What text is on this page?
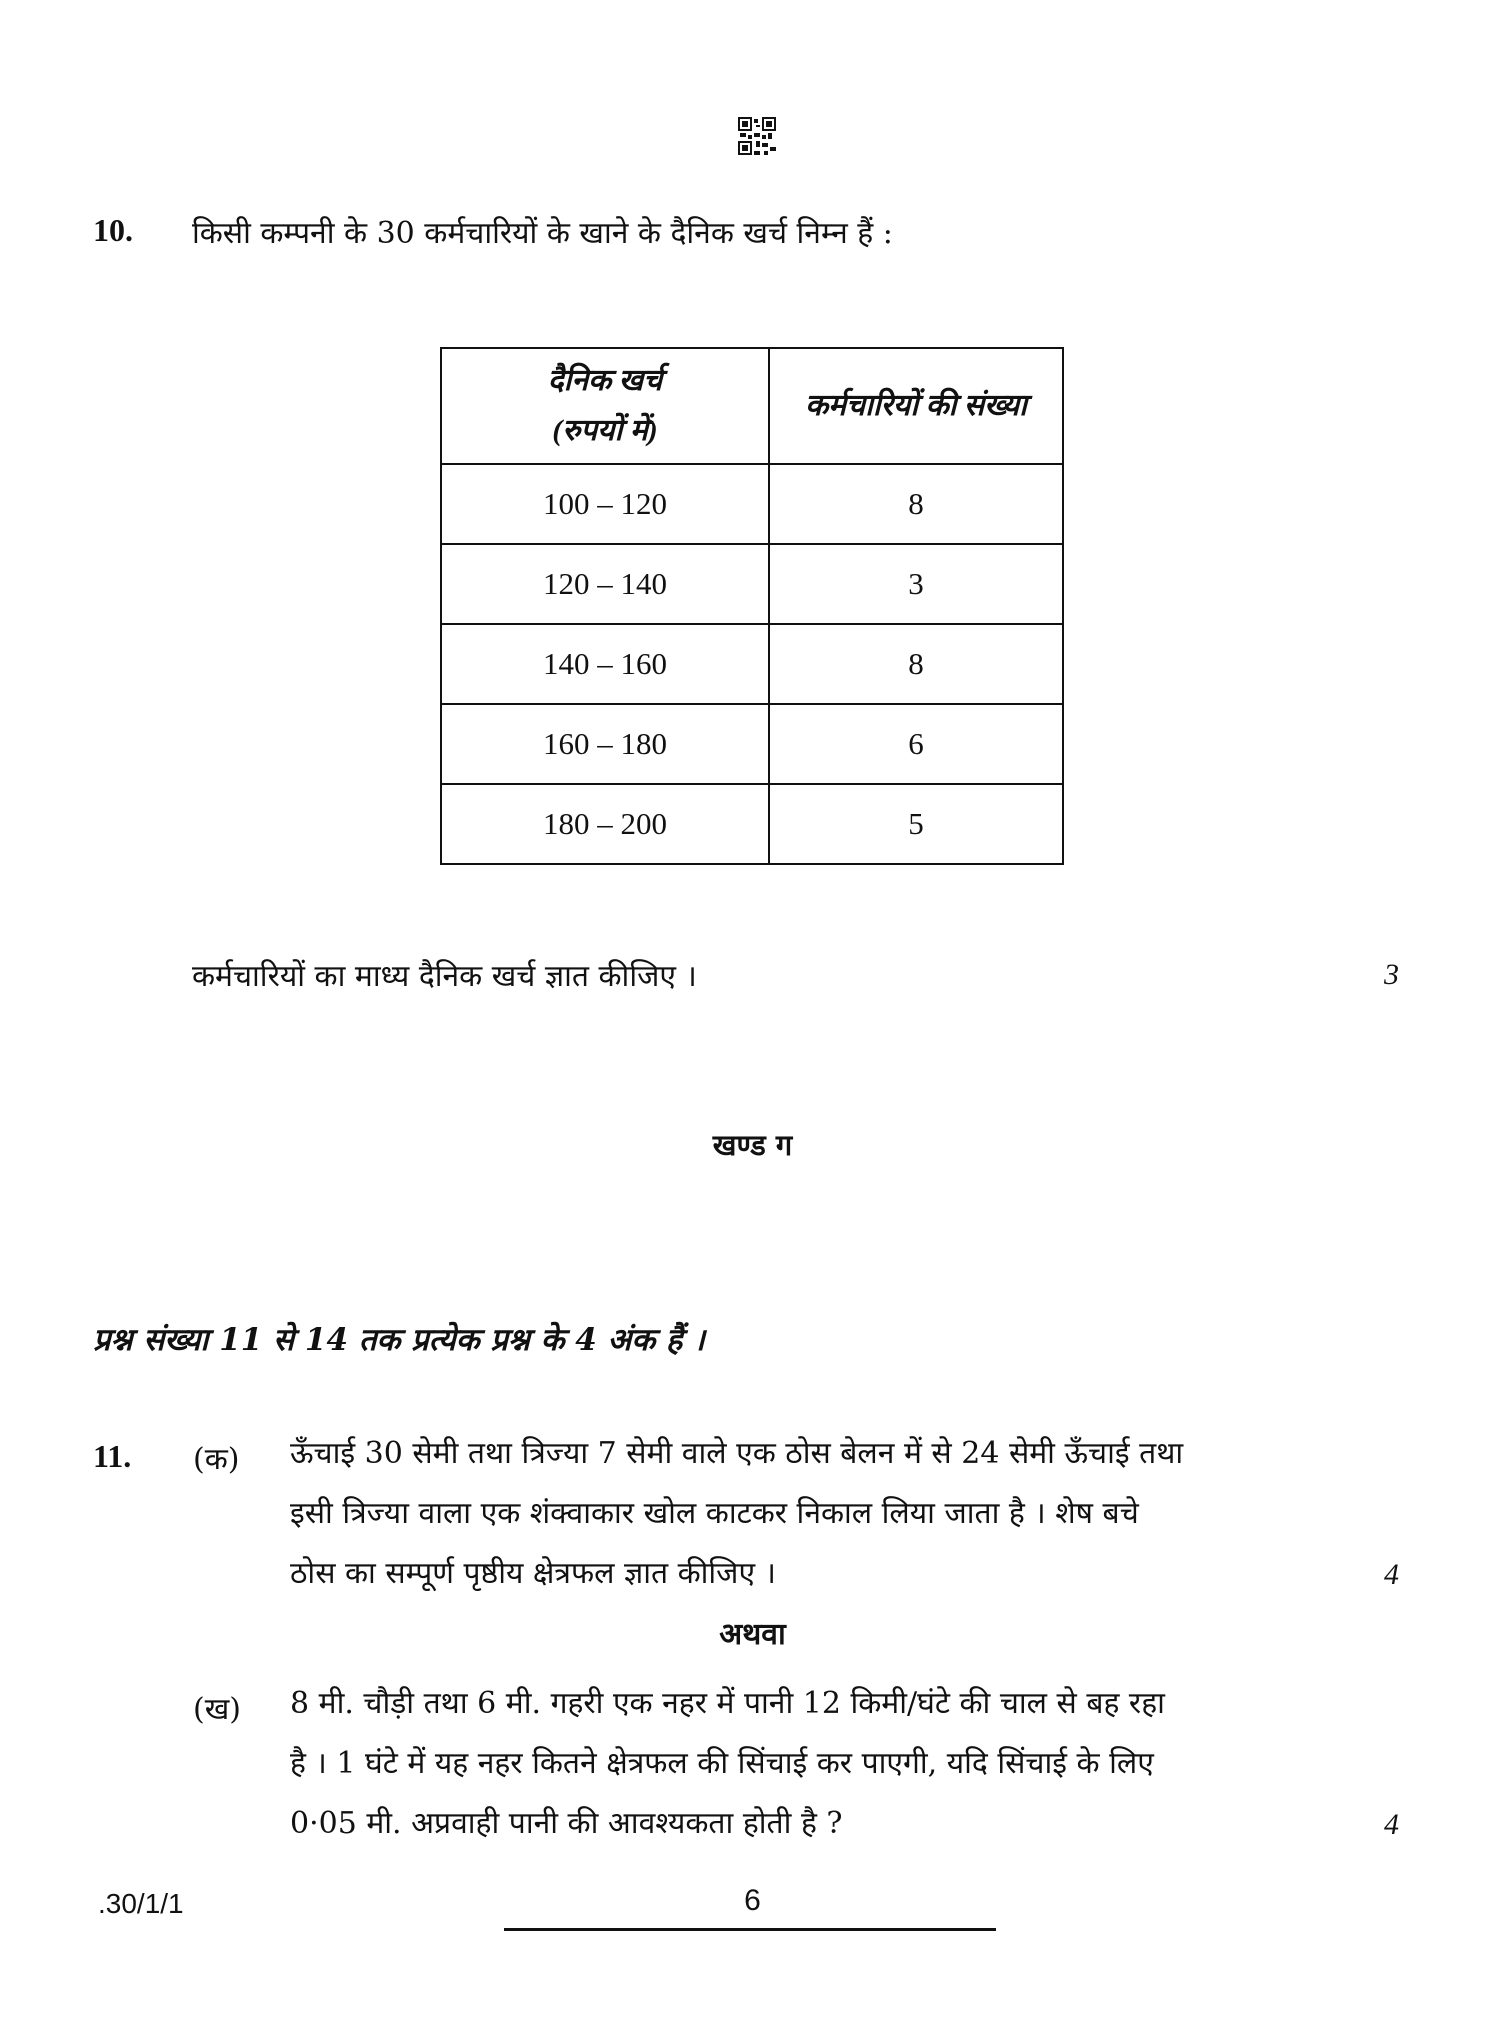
10. किसी कम्पनी के 30 कर्मचारियों के खाने के दैनिक खर्च निम्न हैं :
दैनिक खर्च
(रुपयों में)	कर्मचारियों की संख्या
100 – 120	8
120 – 140	3
140 – 160	8
160 – 180	6
180 – 200	5
कर्मचारियों का माध्य दैनिक खर्च ज्ञात कीजिए ।	3
खण्ड ग
प्रश्न संख्या 11 से 14 तक प्रत्येक प्रश्न के 4 अंक हैं ।
11. (क) ऊँचाई 30 सेमी तथा त्रिज्या 7 सेमी वाले एक ठोस बेलन में से 24 सेमी ऊँचाई तथा
इसी त्रिज्या वाला एक शंक्वाकार खोल काटकर निकाल लिया जाता है । शेष बचे
ठोस का सम्पूर्ण पृष्ठीय क्षेत्रफल ज्ञात कीजिए ।	4
अथवा
(ख) 8 मी. चौड़ी तथा 6 मी. गहरी एक नहर में पानी 12 किमी/घंटे की चाल से बह रहा
है । 1 घंटे में यह नहर कितने क्षेत्रफल की सिंचाई कर पाएगी, यदि सिंचाई के लिए
0·05 मी. अप्रवाही पानी की आवश्यकता होती है ?	4
.30/1/1	6
